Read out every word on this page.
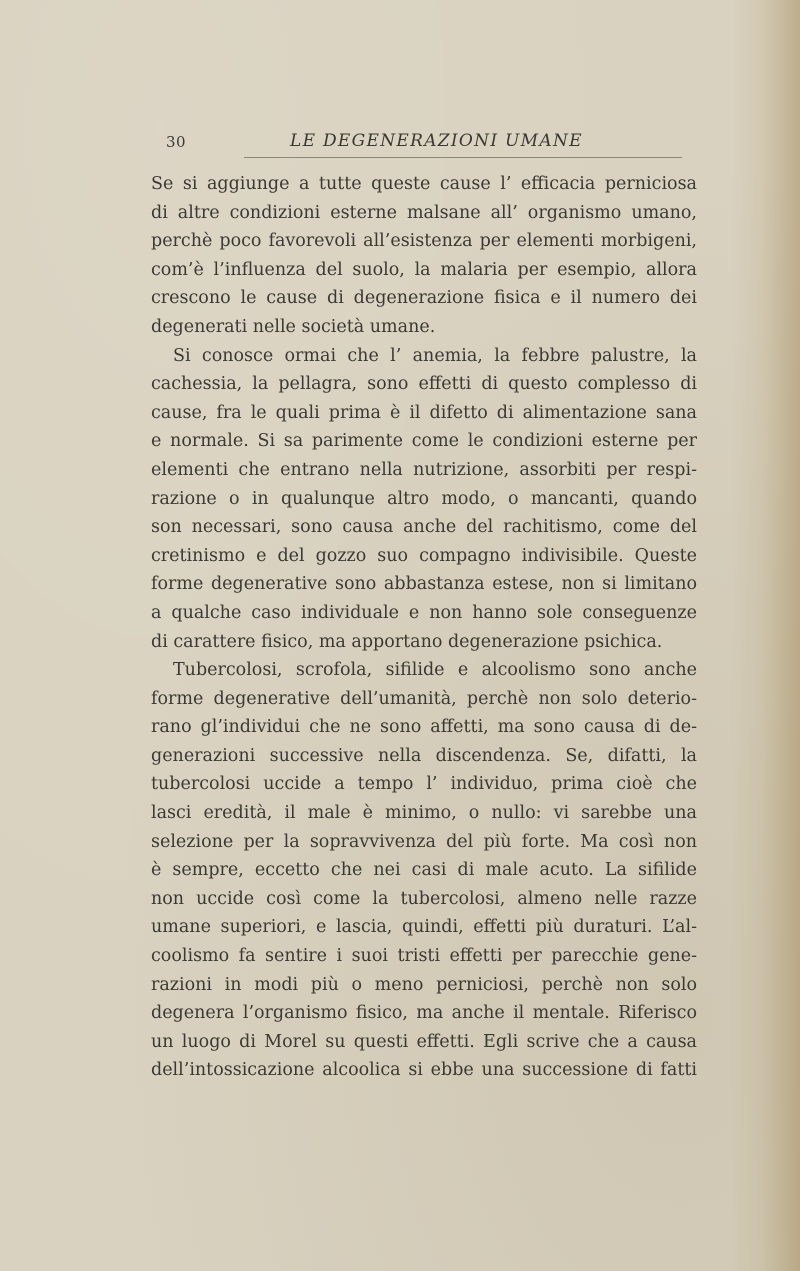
30	LE DEGENERAZIONI UMANE
Se si aggiunge a tutte queste cause l’ efficacia perniciosa
di altre condizioni esterne malsane all’ organismo umano,
perchè poco favorevoli all’esistenza per elementi morbigeni,
com’è l’influenza del suolo, la malaria per esempio, allora
crescono le cause di degenerazione fisica e il numero dei
degenerati nelle società umane.
Si conosce ormai che l’ anemia, la febbre palustre, la
cachessia, la pellagra, sono effetti di questo complesso di
cause, fra le quali prima è il difetto di alimentazione sana
e normale. Si sa parimente come le condizioni esterne per
elementi che entrano nella nutrizione, assorbiti per respi-
razione o in qualunque altro modo, o mancanti, quando
son necessari, sono causa anche del rachitismo, come del
cretinismo e del gozzo suo compagno indivisibile. Queste
forme degenerative sono abbastanza estese, non si limitano
a qualche caso individuale e non hanno sole conseguenze
di carattere fisico, ma apportano degenerazione psichica.
Tubercolosi, scrofola, sifilide e alcoolismo sono anche
forme degenerative dell’umanità, perchè non solo deterio-
rano gl’individui che ne sono affetti, ma sono causa di de-
generazioni successive nella discendenza. Se, difatti, la
tubercolosi uccide a tempo l’ individuo, prima cioè che
lasci eredità, il male è minimo, o nullo: vi sarebbe una
selezione per la sopravvivenza del più forte. Ma così non
è sempre, eccetto che nei casi di male acuto. La sifilide
non uccide così come la tubercolosi, almeno nelle razze
umane superiori, e lascia, quindi, effetti più duraturi. L’al-
coolismo fa sentire i suoi tristi effetti per parecchie gene-
razioni in modi più o meno perniciosi, perchè non solo
degenera l’organismo fisico, ma anche il mentale. Riferisco
un luogo di Morel su questi effetti. Egli scrive che a causa
dell’intossicazione alcoolica si ebbe una successione di fatti
